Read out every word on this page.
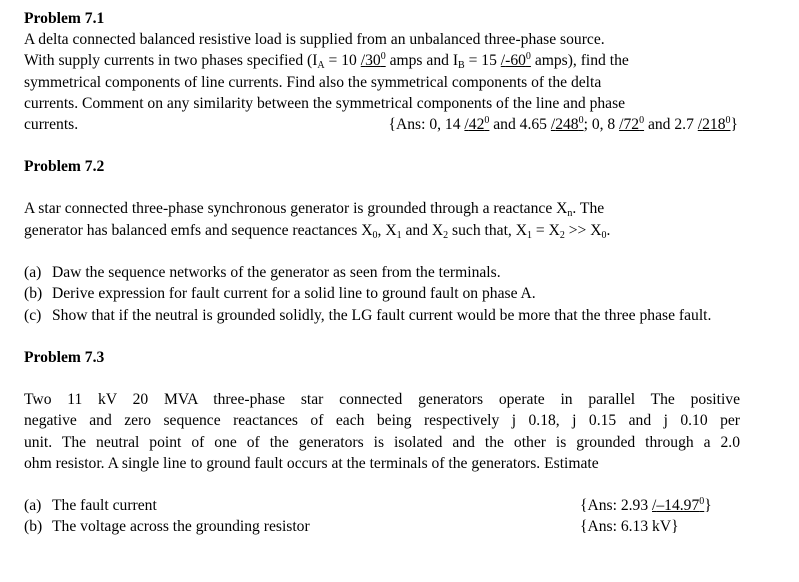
Problem 7.1

A delta connected balanced resistive load is supplied from an unbalanced three-phase source.
With supply currents in two phases specified ($I_A = 10 / 30^0$ amps and $I_B = 15 / -60^0$ amps), find the
symmetrical components of line currents. Find also the symmetrical components of the delta
currents. Comment on any similarity between the symmetrical components of the line and phase
currents.	{Ans: 0, $14 / 42^0$ and $4.65 / 248^0$; 0, $8 / 72^0$ and $2.7 / 218^0$}

Problem 7.2

A star connected three-phase synchronous generator is grounded through a reactance $X_n$. The
generator has balanced emfs and sequence reactances $X_0$, $X_1$ and $X_2$ such that, $X_1 = X_2 >> X_0$.
(a) Daw the sequence networks of the generator as seen from the terminals.
(b) Derive expression for fault current for a solid line to ground fault on phase A.
(c) Show that if the neutral is grounded solidly, the LG fault current would be more that the three phase fault.

Problem 7.3

Two 11 kV 20 MVA three-phase star connected generators operate in parallel The positive
negative and zero sequence reactances of each being respectively j 0.18, j 0.15 and j 0.10 per
unit. The neutral point of one of the generators is isolated and the other is grounded through a 2.0
ohm resistor. A single line to ground fault occurs at the terminals of the generators. Estimate
(a) The fault current	{Ans: 2.93 / –14.97$^0$}
(b) The voltage across the grounding resistor	{Ans: 6.13 kV}
